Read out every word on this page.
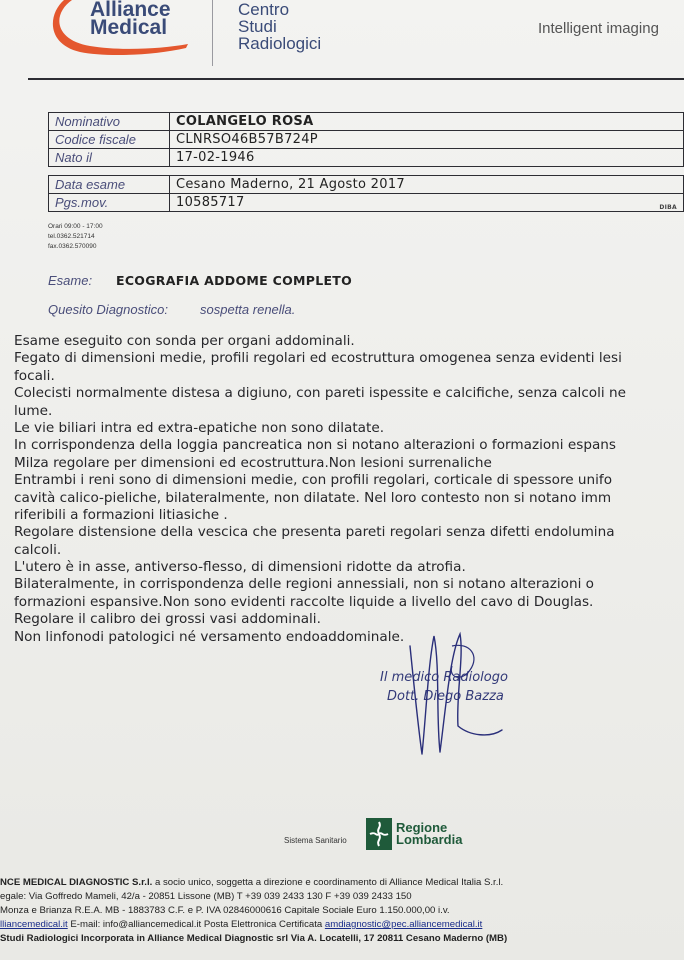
Alliance
Medical
Centro
Studi
Radiologici
Intelligent imaging
Nominativo	COLANGELO ROSA
Codice fiscale	CLNRSO46B57B724P
Nato il	17-02-1946
Data esame	Cesano Maderno, 21 Agosto 2017
Pgs.mov.	10585717 DIBA
Orari 09:00 - 17:00
tel.0362.521714
fax.0362.570090
Esame: ECOGRAFIA ADDOME COMPLETO
Quesito Diagnostico: sospetta renella.
Esame eseguito con sonda per organi addominali.
Fegato di dimensioni medie, profili regolari ed ecostruttura omogenea senza evidenti lesi
focali.
Colecisti normalmente distesa a digiuno, con pareti ispessite e calcifiche, senza calcoli ne
lume.
Le vie biliari intra ed extra-epatiche non sono dilatate.
In corrispondenza della loggia pancreatica non si notano alterazioni o formazioni espans
Milza regolare per dimensioni ed ecostruttura.Non lesioni surrenaliche
Entrambi i reni sono di dimensioni medie, con profili regolari, corticale di spessore unifo
cavità calico-pieliche, bilateralmente, non dilatate. Nel loro contesto non si notano imm
riferibili a formazioni litiasiche .
Regolare distensione della vescica che presenta pareti regolari senza difetti endolumina
calcoli.
L'utero è in asse, antiverso-flesso, di dimensioni ridotte da atrofia.
Bilateralmente, in corrispondenza delle regioni annessiali, non si notano alterazioni o
formazioni espansive.Non sono evidenti raccolte liquide a livello del cavo di Douglas.
Regolare il calibro dei grossi vasi addominali.
Non linfonodi patologici né versamento endoaddominale.
Il medico Radiologo
Dott. Diego Bazza
Sistema Sanitario
Regione
Lombardia
NCE MEDICAL DIAGNOSTIC S.r.l. a socio unico, soggetta a direzione e coordinamento di Alliance Medical Italia S.r.l.
egale: Via Goffredo Mameli, 42/a - 20851 Lissone (MB) T +39 039 2433 130 F +39 039 2433 150
Monza e Brianza R.E.A. MB - 1883783 C.F. e P. IVA 02846000616 Capitale Sociale Euro 1.150.000,00 i.v.
lliancemedical.it E-mail: info@alliancemedical.it Posta Elettronica Certificata amdiagnostic@pec.alliancemedical.it
Studi Radiologici Incorporata in Alliance Medical Diagnostic srl Via A. Locatelli, 17 20811 Cesano Maderno (MB)
